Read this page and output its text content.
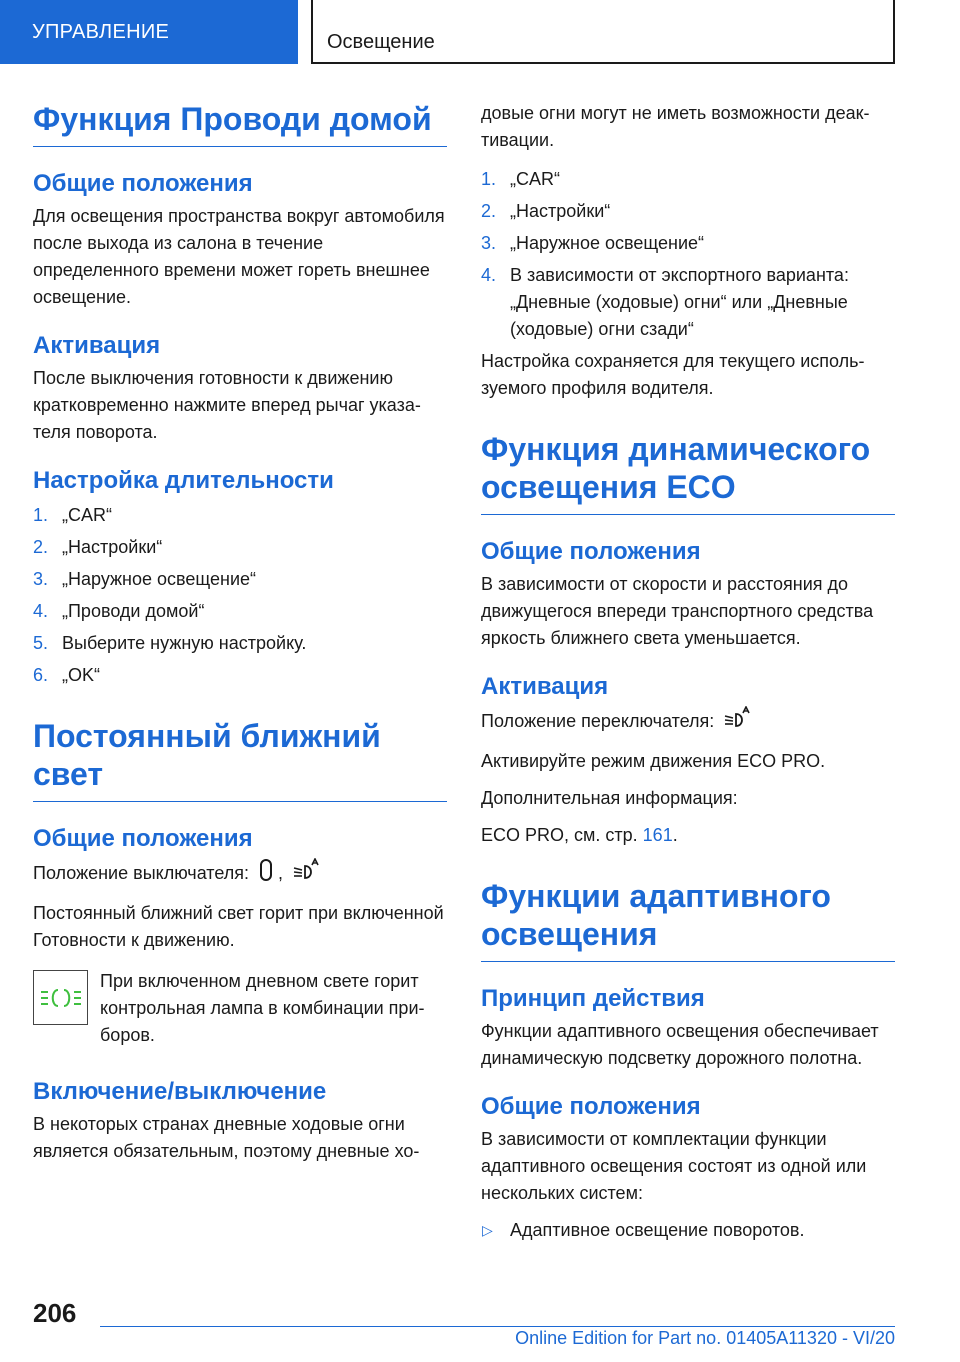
УПРАВЛЕНИЕ	Освещение
Функция Проводи домой
Общие положения

Для освещения пространства вокруг автомобиля после выхода из салона в течение определенного времени может гореть внешнее освещение.

Активация

После выключения готовности к движению кратковременно нажмите вперед рычаг указателя поворота.

Настройка длительности
1. „CAR“
2. „Настройки“
3. „Наружное освещение“
4. „Проводи домой“
5. Выберите нужную настройку.
6. „OK“
Постоянный ближний свет
Общие положения

Положение выключателя: ,

Постоянный ближний свет горит при включенной Готовности к движению.

При включенном дневном свете горит контрольная лампа в комбинации приборов.
Включение/выключение

В некоторых странах дневные ходовые огни является обязательным, поэтому дневные хо-

довые огни могут не иметь возможности деактивации.

1. „CAR“
2. „Настройки“
3. „Наружное освещение“
4. В зависимости от экспортного варианта: „Дневные (ходовые) огни“ или „Дневные (ходовые) огни сзади“

Настройка сохраняется для текущего используемого профиля водителя.

Функция динамического освещения ECO
Общие положения

В зависимости от скорости и расстояния до движущегося впереди транспортного средства яркость ближнего света уменьшается.

Активация

Положение переключателя:

Активируйте режим движения ECO PRO.

Дополнительная информация:

ECO PRO, см. стр. 161.

Функции адаптивного освещения
Принцип действия

Функции адаптивного освещения обеспечивает динамическую подсветку дорожного полотна.

Общие положения

В зависимости от комплектации функции адаптивного освещения состоят из одной или нескольких систем:

▷ Адаптивное освещение поворотов.
206
Online Edition for Part no. 01405A11320 - VI/20
